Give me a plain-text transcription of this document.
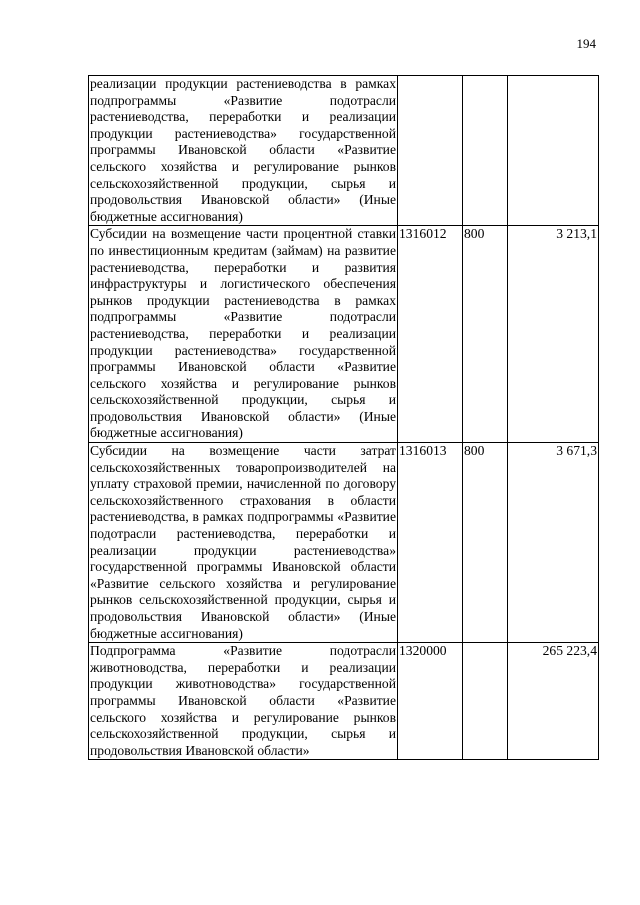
194
реализации продукции растениеводства в рамках подпрограммы «Развитие подотрасли растениеводства, переработки и реализации продукции растениеводства» государственной программы Ивановской области «Развитие сельского хозяйства и регулирование рынков сельскохозяйственной продукции, сырья и продовольствия Ивановской области» (Иные бюджетные ассигнования)			
Субсидии на возмещение части процентной ставки по инвестиционным кредитам (займам) на развитие растениеводства, переработки и развития инфраструктуры и логистического обеспечения рынков продукции растениеводства в рамках подпрограммы «Развитие подотрасли растениеводства, переработки и реализации продукции растениеводства» государственной программы Ивановской области «Развитие сельского хозяйства и регулирование рынков сельскохозяйственной продукции, сырья и продовольствия Ивановской области» (Иные бюджетные ассигнования)	1316012	800	3 213,1
Субсидии на возмещение части затрат сельскохозяйственных товаропроизводителей на уплату страховой премии, начисленной по договору сельскохозяйственного страхования в области растениеводства, в рамках подпрограммы «Развитие подотрасли растениеводства, переработки и реализации продукции растениеводства» государственной программы Ивановской области «Развитие сельского хозяйства и регулирование рынков сельскохозяйственной продукции, сырья и продовольствия Ивановской области» (Иные бюджетные ассигнования)	1316013	800	3 671,3
Подпрограмма «Развитие подотрасли животноводства, переработки и реализации продукции животноводства» государственной программы Ивановской области «Развитие сельского хозяйства и регулирование рынков сельскохозяйственной продукции, сырья и продовольствия Ивановской области»	1320000		265 223,4
